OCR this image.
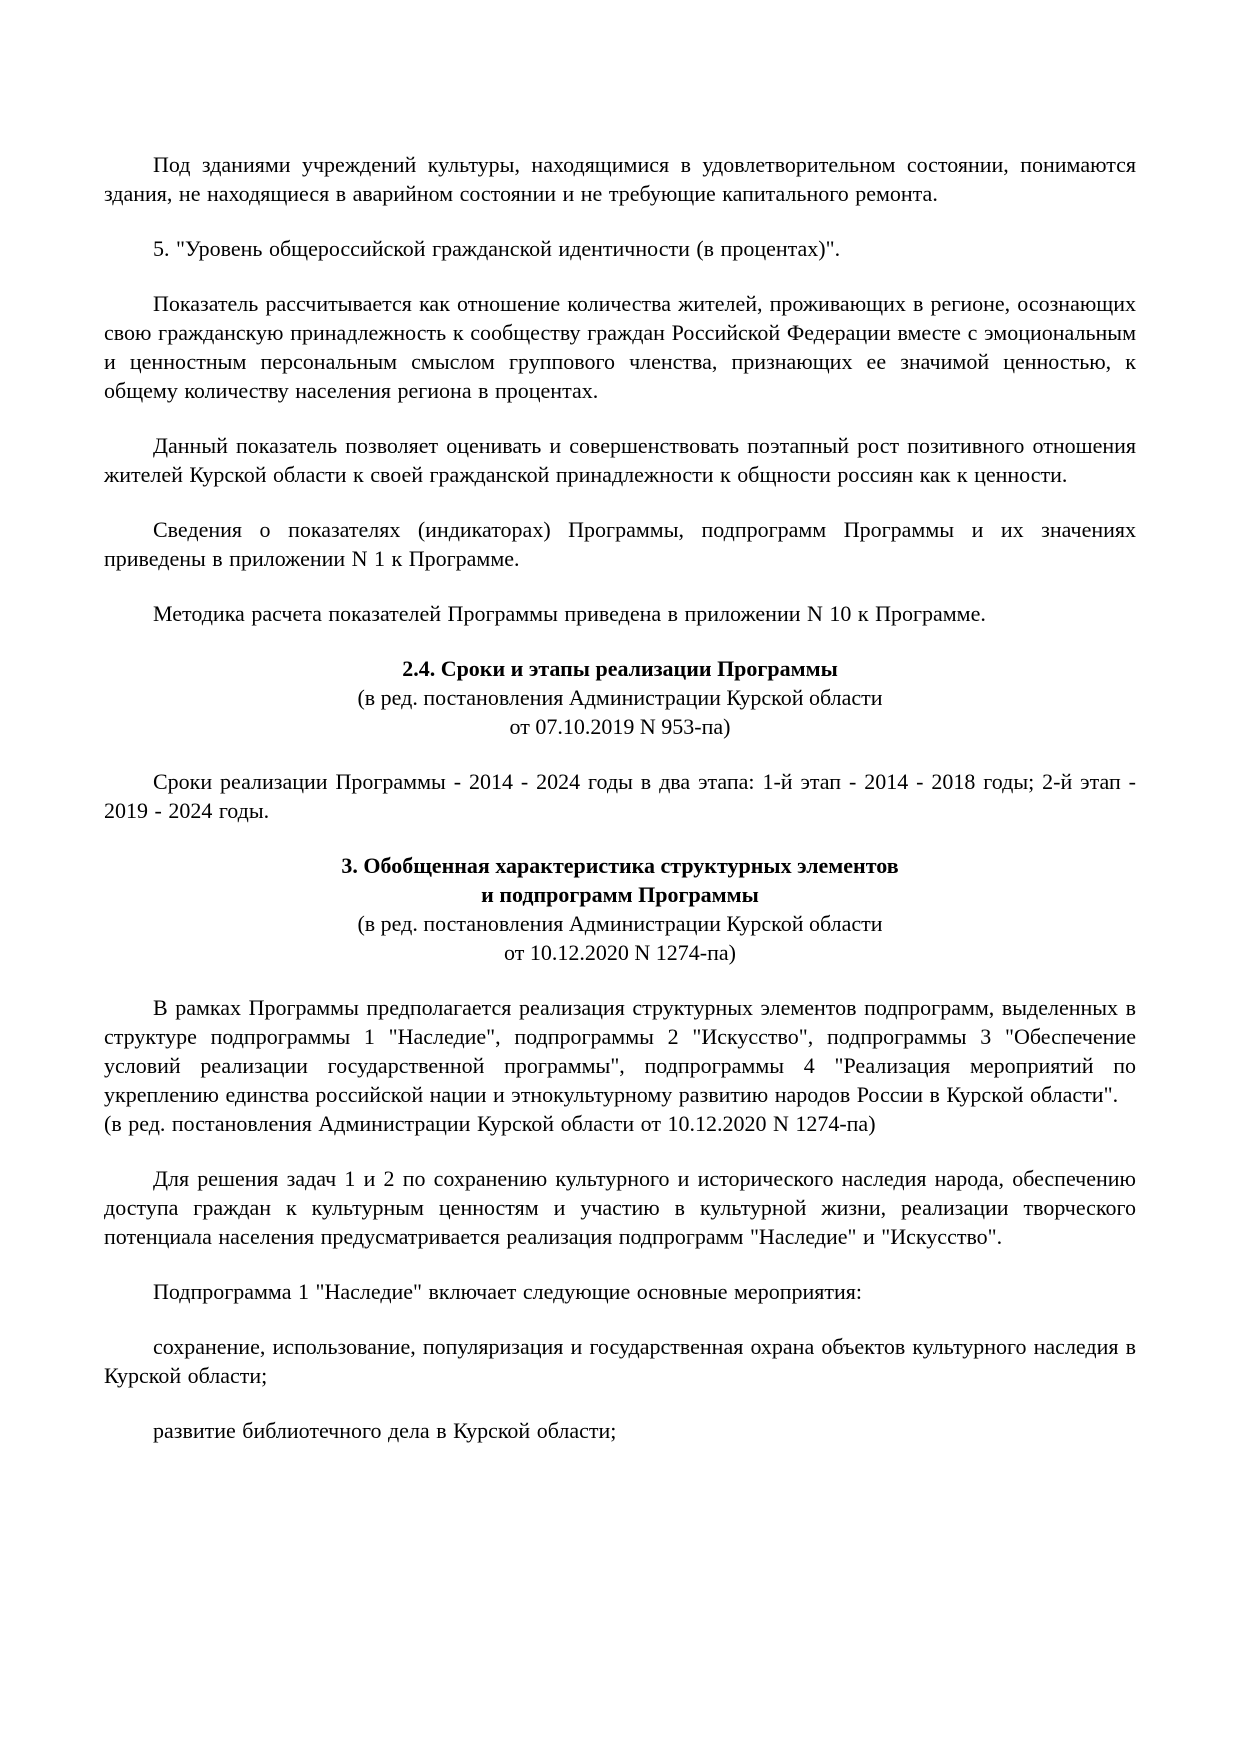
Под зданиями учреждений культуры, находящимися в удовлетворительном состоянии, понимаются здания, не находящиеся в аварийном состоянии и не требующие капитального ремонта.

5. "Уровень общероссийской гражданской идентичности (в процентах)".

Показатель рассчитывается как отношение количества жителей, проживающих в регионе, осознающих свою гражданскую принадлежность к сообществу граждан Российской Федерации вместе с эмоциональным и ценностным персональным смыслом группового членства, признающих ее значимой ценностью, к общему количеству населения региона в процентах.

Данный показатель позволяет оценивать и совершенствовать поэтапный рост позитивного отношения жителей Курской области к своей гражданской принадлежности к общности россиян как к ценности.

Сведения о показателях (индикаторах) Программы, подпрограмм Программы и их значениях приведены в приложении N 1 к Программе.

Методика расчета показателей Программы приведена в приложении N 10 к Программе.

2.4. Сроки и этапы реализации Программы

(в ред. постановления Администрации Курской области

от 07.10.2019 N 953-па)

Сроки реализации Программы - 2014 - 2024 годы в два этапа: 1-й этап - 2014 - 2018 годы; 2-й этап - 2019 - 2024 годы.

3. Обобщенная характеристика структурных элементов

и подпрограмм Программы

(в ред. постановления Администрации Курской области

от 10.12.2020 N 1274-па)

В рамках Программы предполагается реализация структурных элементов подпрограмм, выделенных в структуре подпрограммы 1 "Наследие", подпрограммы 2 "Искусство", подпрограммы 3 "Обеспечение условий реализации государственной программы", подпрограммы 4 "Реализация мероприятий по укреплению единства российской нации и этнокультурному развитию народов России в Курской области".

(в ред. постановления Администрации Курской области от 10.12.2020 N 1274-па)

Для решения задач 1 и 2 по сохранению культурного и исторического наследия народа, обеспечению доступа граждан к культурным ценностям и участию в культурной жизни, реализации творческого потенциала населения предусматривается реализация подпрограмм "Наследие" и "Искусство".

Подпрограмма 1 "Наследие" включает следующие основные мероприятия:

сохранение, использование, популяризация и государственная охрана объектов культурного наследия в Курской области;

развитие библиотечного дела в Курской области;
